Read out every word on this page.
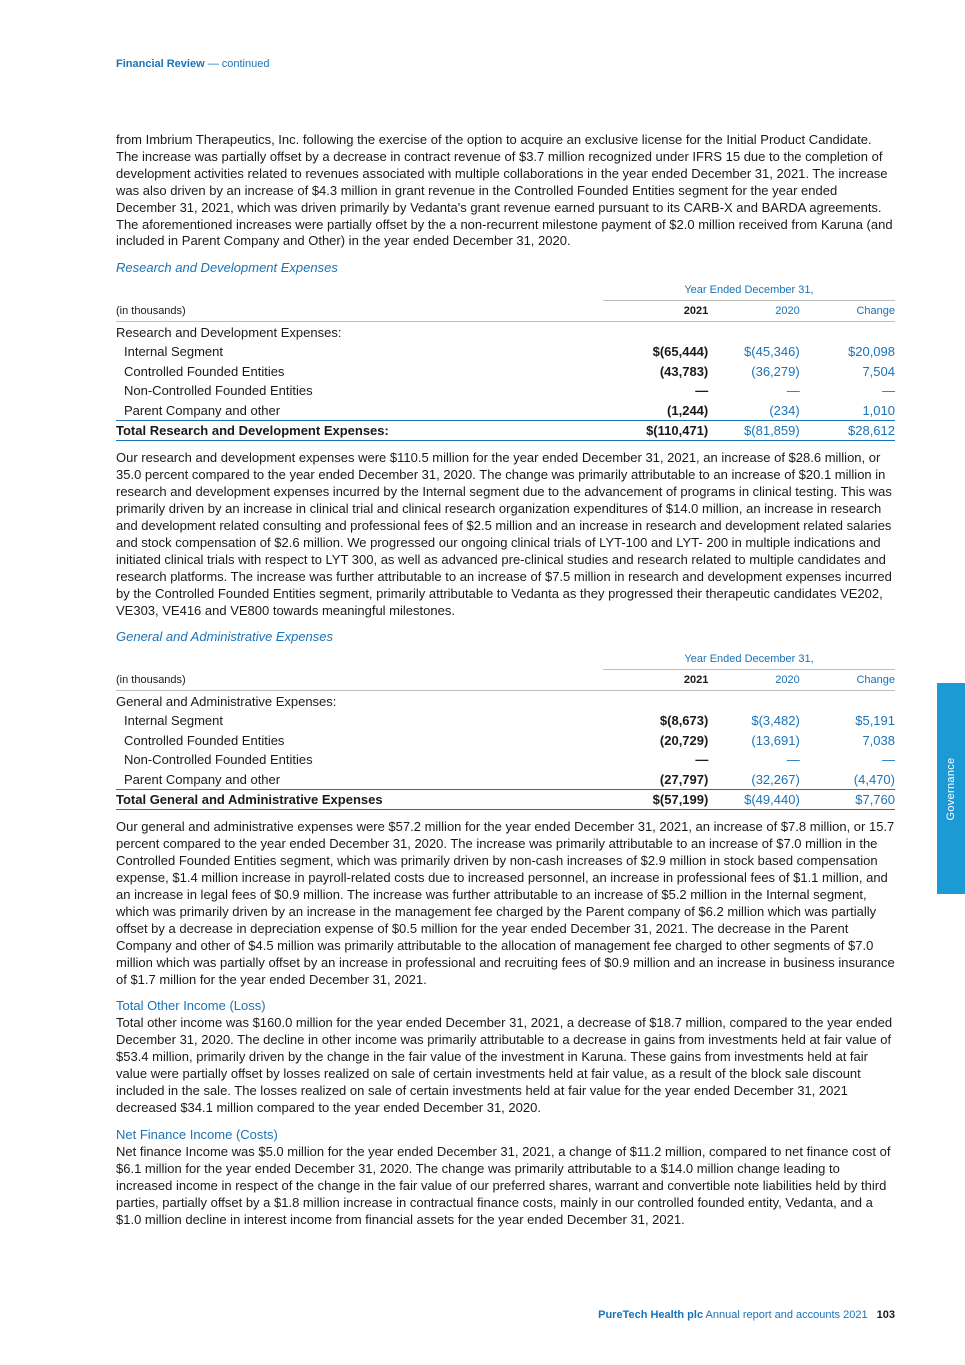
Financial Review — continued

from Imbrium Therapeutics, Inc. following the exercise of the option to acquire an exclusive license for the Initial Product Candidate. The increase was partially offset by a decrease in contract revenue of $3.7 million recognized under IFRS 15 due to the completion of development activities related to revenues associated with multiple collaborations in the year ended December 31, 2021. The increase was also driven by an increase of $4.3 million in grant revenue in the Controlled Founded Entities segment for the year ended December 31, 2021, which was driven primarily by Vedanta's grant revenue earned pursuant to its CARB-X and BARDA agreements. The aforementioned increases were partially offset by the a non-recurrent milestone payment of $2.0 million received from Karuna (and included in Parent Company and Other) in the year ended December 31, 2020.

Research and Development Expenses
	Year Ended December 31,		
(in thousands)	2021	2020	Change
Research and Development Expenses:			
Internal Segment	$(65,444)	$(45,346)	$20,098
Controlled Founded Entities	(43,783)	(36,279)	7,504
Non-Controlled Founded Entities	—	—	—
Parent Company and other	(1,244)	(234)	1,010
Total Research and Development Expenses:	$(110,471)	$(81,859)	$28,612

Our research and development expenses were $110.5 million for the year ended December 31, 2021, an increase of $28.6 million, or 35.0 percent compared to the year ended December 31, 2020. The change was primarily attributable to an increase of $20.1 million in research and development expenses incurred by the Internal segment due to the advancement of programs in clinical testing. This was primarily driven by an increase in clinical trial and clinical research organization expenditures of $14.0 million, an increase in research and development related consulting and professional fees of $2.5 million and an increase in research and development related salaries and stock compensation of $2.6 million. We progressed our ongoing clinical trials of LYT-100 and LYT- 200 in multiple indications and initiated clinical trials with respect to LYT 300, as well as advanced pre-clinical studies and research related to multiple candidates and research platforms. The increase was further attributable to an increase of $7.5 million in research and development expenses incurred by the Controlled Founded Entities segment, primarily attributable to Vedanta as they progressed their therapeutic candidates VE202, VE303, VE416 and VE800 towards meaningful milestones.

General and Administrative Expenses
	Year Ended December 31,		
(in thousands)	2021	2020	Change
General and Administrative Expenses:			
Internal Segment	$(8,673)	$(3,482)	$5,191
Controlled Founded Entities	(20,729)	(13,691)	7,038
Non-Controlled Founded Entities	—	—	—
Parent Company and other	(27,797)	(32,267)	(4,470)
Total General and Administrative Expenses	$(57,199)	$(49,440)	$7,760

Our general and administrative expenses were $57.2 million for the year ended December 31, 2021, an increase of $7.8 million, or 15.7 percent compared to the year ended December 31, 2020. The increase was primarily attributable to an increase of $7.0 million in the Controlled Founded Entities segment, which was primarily driven by non-cash increases of $2.9 million in stock based compensation expense, $1.4 million increase in payroll-related costs due to increased personnel, an increase in professional fees of $1.1 million, and an increase in legal fees of $0.9 million. The increase was further attributable to an increase of $5.2 million in the Internal segment, which was primarily driven by an increase in the management fee charged by the Parent company of $6.2 million which was partially offset by a decrease in depreciation expense of $0.5 million for the year ended December 31, 2021. The decrease in the Parent Company and other of $4.5 million was primarily attributable to the allocation of management fee charged to other segments of $7.0 million which was partially offset by an increase in professional and recruiting fees of $0.9 million and an increase in business insurance of $1.7 million for the year ended December 31, 2021.

Total Other Income (Loss)

Total other income was $160.0 million for the year ended December 31, 2021, a decrease of $18.7 million, compared to the year ended December 31, 2020. The decline in other income was primarily attributable to a decrease in gains from investments held at fair value of $53.4 million, primarily driven by the change in the fair value of the investment in Karuna. These gains from investments held at fair value were partially offset by losses realized on sale of certain investments held at fair value, as a result of the block sale discount included in the sale. The losses realized on sale of certain investments held at fair value for the year ended December 31, 2021 decreased $34.1 million compared to the year ended December 31, 2020.

Net Finance Income (Costs)

Net finance Income was $5.0 million for the year ended December 31, 2021, a change of $11.2 million, compared to net finance cost of $6.1 million for the year ended December 31, 2020. The change was primarily attributable to a $14.0 million change leading to increased income in respect of the change in the fair value of our preferred shares, warrant and convertible note liabilities held by third parties, partially offset by a $1.8 million increase in contractual finance costs, mainly in our controlled founded entity, Vedanta, and a $1.0 million decline in interest income from financial assets for the year ended December 31, 2021.

Governance
PureTech Health plc Annual report and accounts 2021 103
